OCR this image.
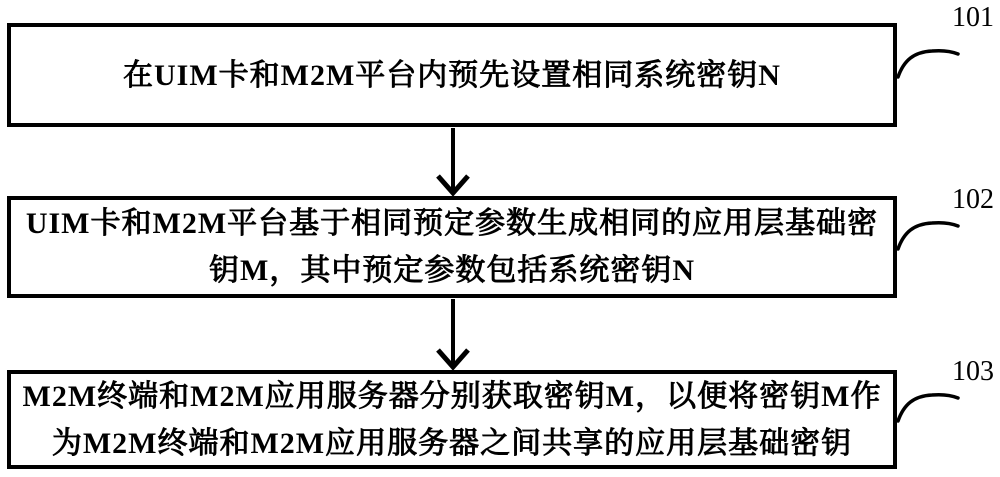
在UIM卡和M2M平台内预先设置相同系统密钥N
UIM卡和M2M平台基于相同预定参数生成相同的应用层基础密
钥M，其中预定参数包括系统密钥N
M2M终端和M2M应用服务器分别获取密钥M，以便将密钥M作
为M2M终端和M2M应用服务器之间共享的应用层基础密钥
101
102
103
